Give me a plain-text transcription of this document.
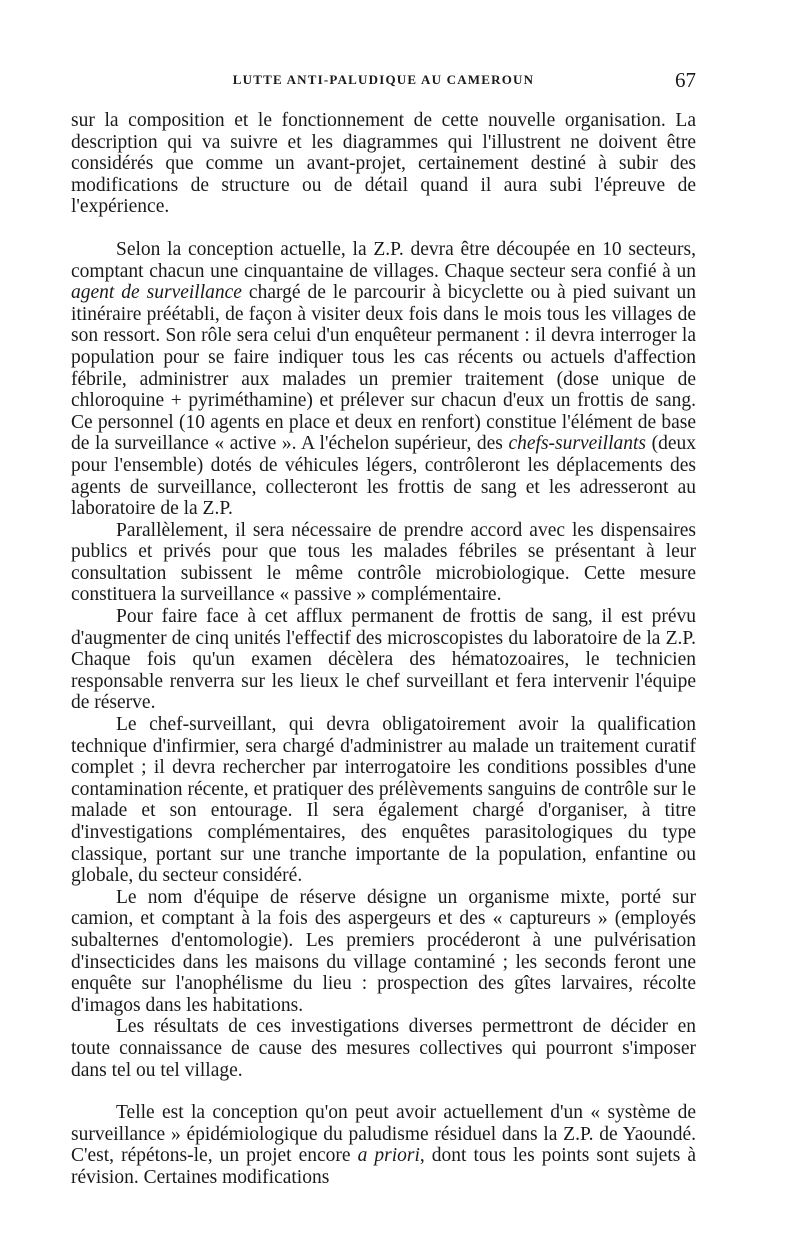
LUTTE ANTI-PALUDIQUE AU CAMEROUN	67

sur la composition et le fonctionnement de cette nouvelle organisation. La description qui va suivre et les diagrammes qui l'illustrent ne doivent être considérés que comme un avant-projet, certainement destiné à subir des modifications de structure ou de détail quand il aura subi l'épreuve de l'expérience.

Selon la conception actuelle, la Z.P. devra être découpée en 10 secteurs, comptant chacun une cinquantaine de villages. Chaque secteur sera confié à un agent de surveillance chargé de le parcourir à bicyclette ou à pied suivant un itinéraire préétabli, de façon à visiter deux fois dans le mois tous les villages de son ressort. Son rôle sera celui d'un enquêteur permanent : il devra interroger la population pour se faire indiquer tous les cas récents ou actuels d'affection fébrile, administrer aux malades un premier traitement (dose unique de chloroquine + pyriméthamine) et prélever sur chacun d'eux un frottis de sang. Ce personnel (10 agents en place et deux en renfort) constitue l'élément de base de la surveillance « active ». A l'échelon supérieur, des chefs-surveillants (deux pour l'ensemble) dotés de véhicules légers, contrôleront les déplacements des agents de surveillance, collecteront les frottis de sang et les adresseront au laboratoire de la Z.P.

Parallèlement, il sera nécessaire de prendre accord avec les dispensaires publics et privés pour que tous les malades fébriles se présentant à leur consultation subissent le même contrôle microbiologique. Cette mesure constituera la surveillance « passive » complémentaire.

Pour faire face à cet afflux permanent de frottis de sang, il est prévu d'augmenter de cinq unités l'effectif des microscopistes du laboratoire de la Z.P. Chaque fois qu'un examen décèlera des hématozoaires, le technicien responsable renverra sur les lieux le chef surveillant et fera intervenir l'équipe de réserve.

Le chef-surveillant, qui devra obligatoirement avoir la qualification technique d'infirmier, sera chargé d'administrer au malade un traitement curatif complet ; il devra rechercher par interrogatoire les conditions possibles d'une contamination récente, et pratiquer des prélèvements sanguins de contrôle sur le malade et son entourage. Il sera également chargé d'organiser, à titre d'investigations complémentaires, des enquêtes parasitologiques du type classique, portant sur une tranche importante de la population, enfantine ou globale, du secteur considéré.

Le nom d'équipe de réserve désigne un organisme mixte, porté sur camion, et comptant à la fois des aspergeurs et des « captureurs » (employés subalternes d'entomologie). Les premiers procéderont à une pulvérisation d'insecticides dans les maisons du village contaminé ; les seconds feront une enquête sur l'anophélisme du lieu : prospection des gîtes larvaires, récolte d'imagos dans les habitations.

Les résultats de ces investigations diverses permettront de décider en toute connaissance de cause des mesures collectives qui pourront s'imposer dans tel ou tel village.

Telle est la conception qu'on peut avoir actuellement d'un « système de surveillance » épidémiologique du paludisme résiduel dans la Z.P. de Yaoundé. C'est, répétons-le, un projet encore a priori, dont tous les points sont sujets à révision. Certaines modifications
